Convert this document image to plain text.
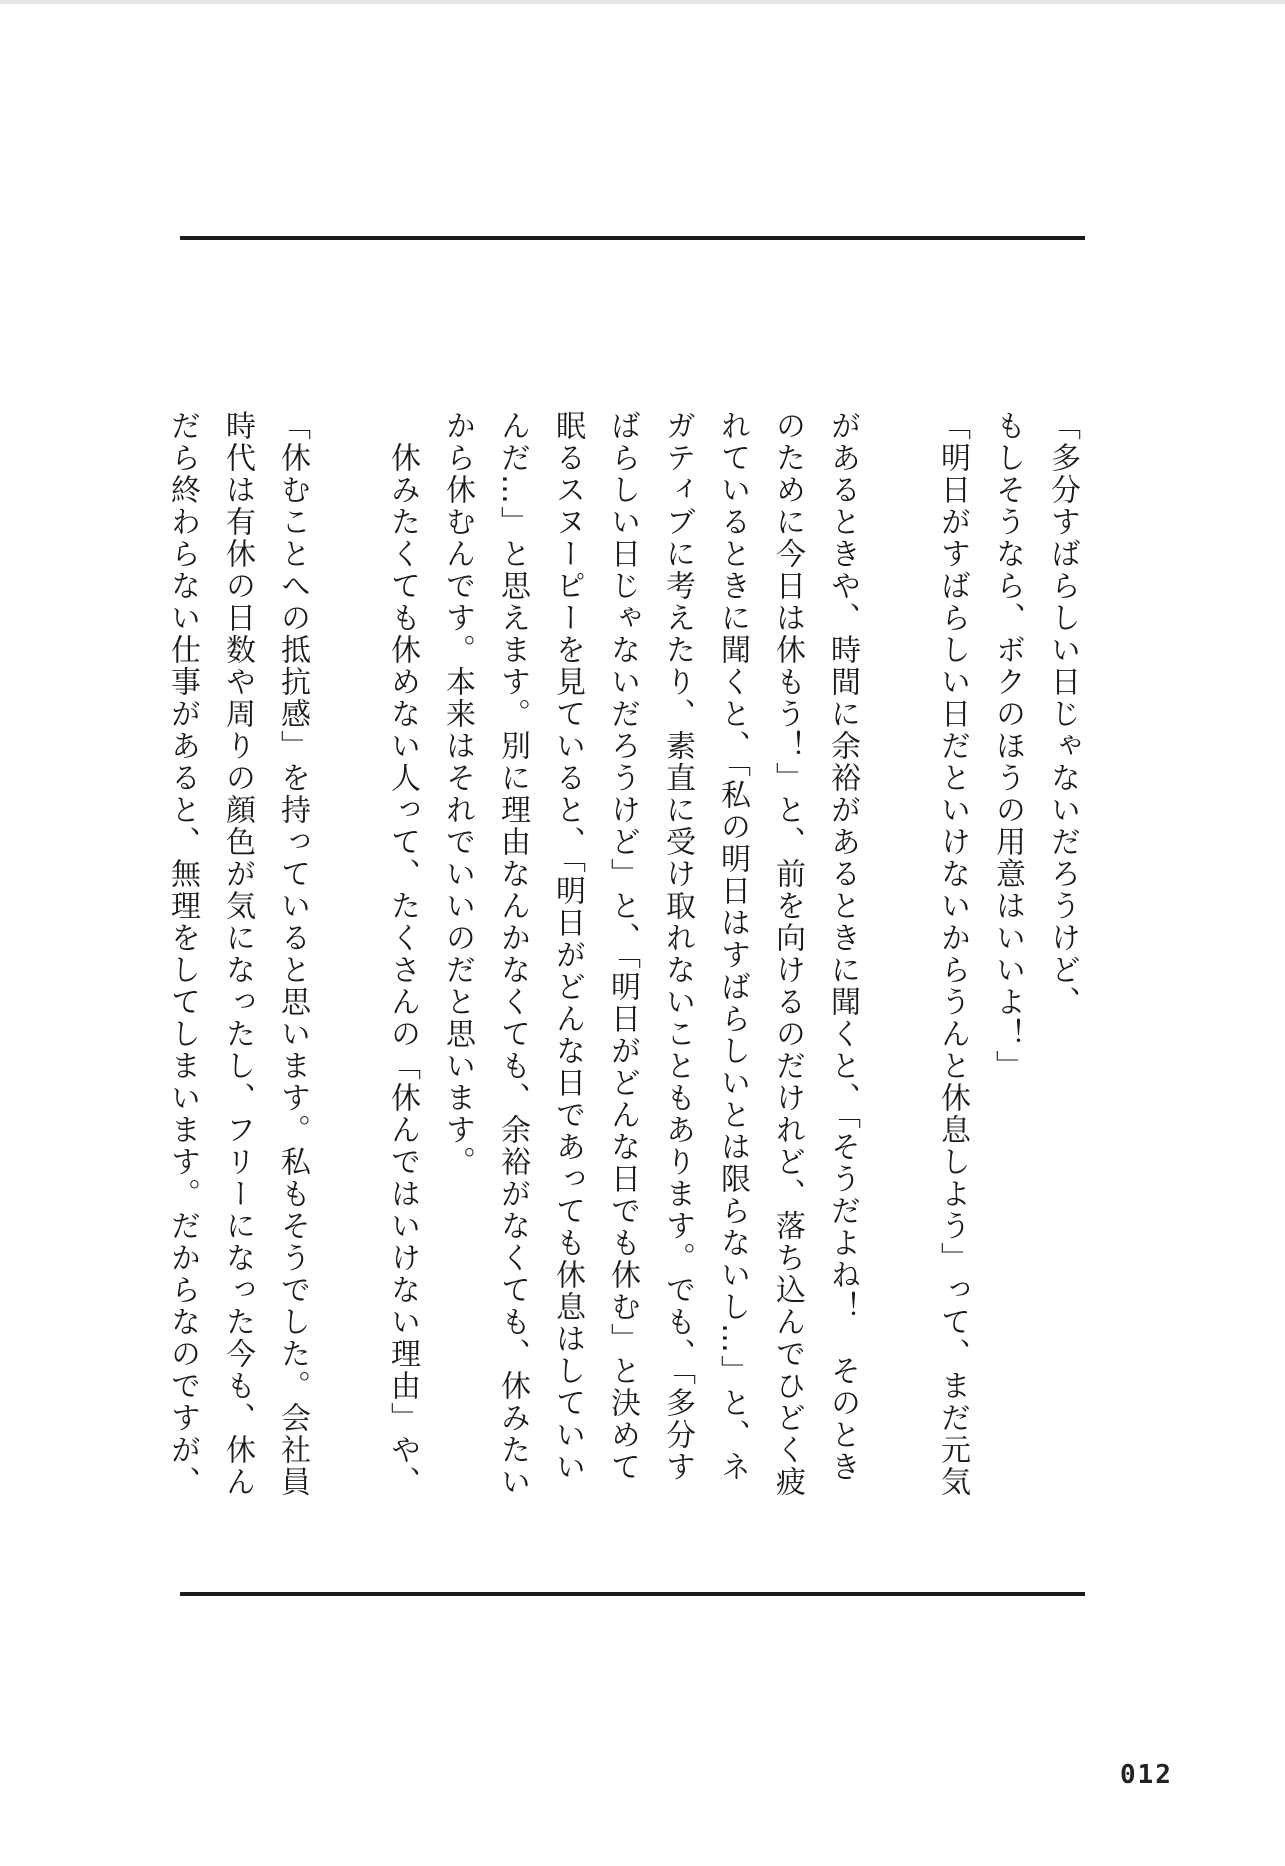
「多分すばらしい日じゃないだろうけど、

もしそうなら、ボクのほうの用意はいいよ！」

「明日がすばらしい日だといけないからうんと休息しよう」って、まだ元気

があるときや、時間に余裕があるときに聞くと、「そうだよね！　そのとき

のために今日は休もう！」と、前を向けるのだけれど、落ち込んでひどく疲

れているときに聞くと、「私の明日はすばらしいとは限らないし…」と、ネ

ガティブに考えたり、素直に受け取れないこともあります。でも、「多分す

ばらしい日じゃないだろうけど」と、「明日がどんな日でも休む」と決めて

眠るスヌーピーを見ていると、「明日がどんな日であっても休息はしていい

んだ…」と思えます。別に理由なんかなくても、余裕がなくても、休みたい

から休むんです。本来はそれでいいのだと思います。

　休みたくても休めない人って、たくさんの「休んではいけない理由」や、

「休むことへの抵抗感」を持っていると思います。私もそうでした。会社員

時代は有休の日数や周りの顔色が気になったし、フリーになった今も、休ん

だら終わらない仕事があると、無理をしてしまいます。だからなのですが、

012
